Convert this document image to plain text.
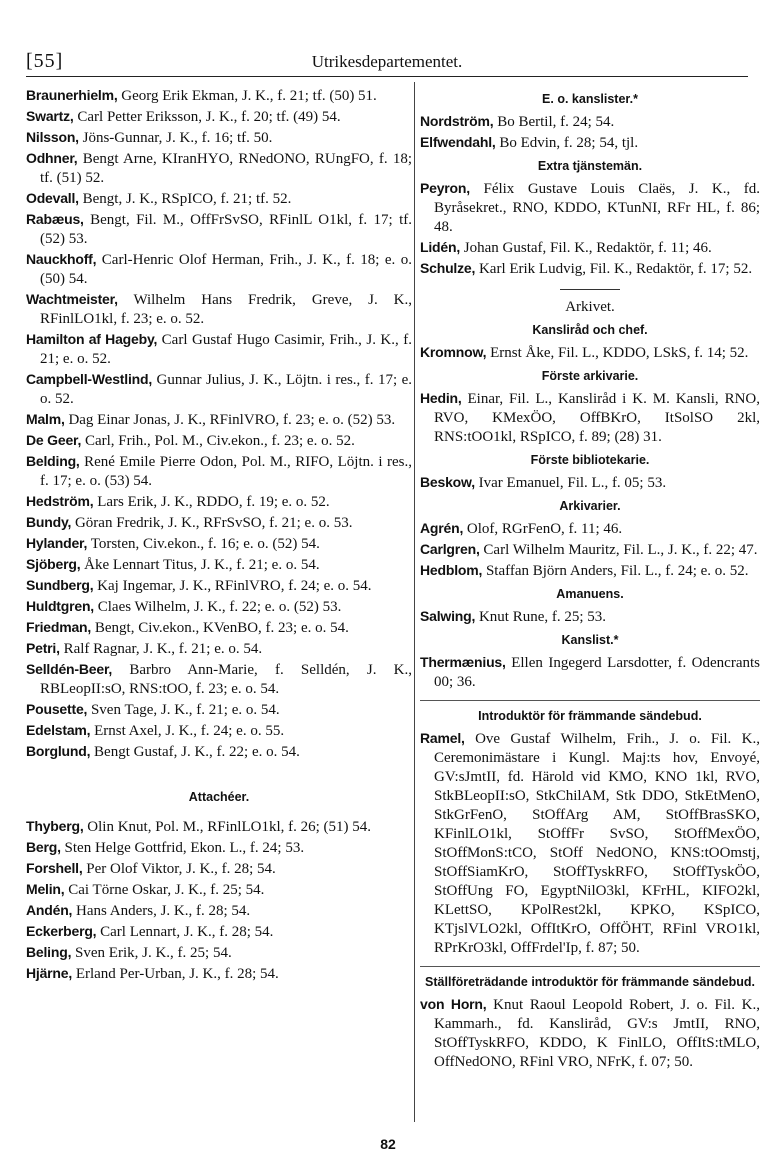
[55]	Utrikesdepartementet.
Braunerhielm, Georg Erik Ekman, J. K., f. 21; tf. (50) 51.
Swartz, Carl Petter Eriksson, J. K., f. 20; tf. (49) 54.
Nilsson, Jöns-Gunnar, J. K., f. 16; tf. 50.
Odhner, Bengt Arne, KIranHYO, RNedONO, RUngFO, f. 18; tf. (51) 52.
Odevall, Bengt, J. K., RSpICO, f. 21; tf. 52.
Rabæus, Bengt, Fil. M., OffFrSvSO, RFinlL O1kl, f. 17; tf. (52) 53.
Nauckhoff, Carl-Henric Olof Herman, Frih., J. K., f. 18; e. o. (50) 54.
Wachtmeister, Wilhelm Hans Fredrik, Greve, J. K., RFinlLO1kl, f. 23; e. o. 52.
Hamilton af Hageby, Carl Gustaf Hugo Casimir, Frih., J. K., f. 21; e. o. 52.
Campbell-Westlind, Gunnar Julius, J. K., Löjtn. i res., f. 17; e. o. 52.
Malm, Dag Einar Jonas, J. K., RFinlVRO, f. 23; e. o. (52) 53.
De Geer, Carl, Frih., Pol. M., Civ.ekon., f. 23; e. o. 52.
Belding, René Emile Pierre Odon, Pol. M., RIFO, Löjtn. i res., f. 17; e. o. (53) 54.
Hedström, Lars Erik, J. K., RDDO, f. 19; e. o. 52.
Bundy, Göran Fredrik, J. K., RFrSvSO, f. 21; e. o. 53.
Hylander, Torsten, Civ.ekon., f. 16; e. o. (52) 54.
Sjöberg, Åke Lennart Titus, J. K., f. 21; e. o. 54.
Sundberg, Kaj Ingemar, J. K., RFinlVRO, f. 24; e. o. 54.
Huldtgren, Claes Wilhelm, J. K., f. 22; e. o. (52) 53.
Friedman, Bengt, Civ.ekon., KVenBO, f. 23; e. o. 54.
Petri, Ralf Ragnar, J. K., f. 21; e. o. 54.
Selldén-Beer, Barbro Ann-Marie, f. Selldén, J. K., RBLeopII:sO, RNS:tOO, f. 23; e. o. 54.
Pousette, Sven Tage, J. K., f. 21; e. o. 54.
Edelstam, Ernst Axel, J. K., f. 24; e. o. 55.
Borglund, Bengt Gustaf, J. K., f. 22; e. o. 54.
Attachéer.
Thyberg, Olin Knut, Pol. M., RFinlLO1kl, f. 26; (51) 54.
Berg, Sten Helge Gottfrid, Ekon. L., f. 24; 53.
Forshell, Per Olof Viktor, J. K., f. 28; 54.
Melin, Cai Törne Oskar, J. K., f. 25; 54.
Andén, Hans Anders, J. K., f. 28; 54.
Eckerberg, Carl Lennart, J. K., f. 28; 54.
Beling, Sven Erik, J. K., f. 25; 54.
Hjärne, Erland Per-Urban, J. K., f. 28; 54.
E. o. kanslister.*
Nordström, Bo Bertil, f. 24; 54.
Elfwendahl, Bo Edvin, f. 28; 54, tjl.
Extra tjänstemän.
Peyron, Félix Gustave Louis Claës, J. K., fd. Byråsekret., RNO, KDDO, KTunNI, RFr HL, f. 86; 48.
Lidén, Johan Gustaf, Fil. K., Redaktör, f. 11; 46.
Schulze, Karl Erik Ludvig, Fil. K., Redaktör, f. 17; 52.
Arkivet.
Kansliråd och chef.
Kromnow, Ernst Åke, Fil. L., KDDO, LSkS, f. 14; 52.
Förste arkivarie.
Hedin, Einar, Fil. L., Kansliråd i K. M. Kansli, RNO, RVO, KMexÖO, OffBKrO, ItSolSO 2kl, RNS:tOO1kl, RSpICO, f. 89; (28) 31.
Förste bibliotekarie.
Beskow, Ivar Emanuel, Fil. L., f. 05; 53.
Arkivarier.
Agrén, Olof, RGrFenO, f. 11; 46.
Carlgren, Carl Wilhelm Mauritz, Fil. L., J. K., f. 22; 47.
Hedblom, Staffan Björn Anders, Fil. L., f. 24; e. o. 52.
Amanuens.
Salwing, Knut Rune, f. 25; 53.
Kanslist.*
Thermænius, Ellen Ingegerd Larsdotter, f. Odencrants 00; 36.
Introduktör för främmande sändebud.
Ramel, Ove Gustaf Wilhelm, Frih., J. o. Fil. K., Ceremonimästare i Kungl. Maj:ts hov, Envoyé, GV:sJmtII, fd. Härold vid KMO, KNO 1kl, RVO, StkBLeopII:sO, StkChilAM, Stk DDO, StkEtMenO, StkGrFenO, StOffArg AM, StOffBrasSKO, KFinlLO1kl, StOffFr SvSO, StOffMexÖO, StOffMonS:tCO, StOff NedONO, KNS:tOOmstj, StOffSiamKrO, StOffTyskRFO, StOffTyskÖO, StOffUng FO, EgyptNilO3kl, KFrHL, KIFO2kl, KLettSO, KPolRest2kl, KPKO, KSpICO, KTjslVLO2kl, OffItKrO, OffÖHT, RFinl VRO1kl, RPrKrO3kl, OffFrdel'Ip, f. 87; 50.
Ställföreträdande introduktör för främmande sändebud.
von Horn, Knut Raoul Leopold Robert, J. o. Fil. K., Kammarh., fd. Kansliråd, GV:s JmtII, RNO, StOffTyskRFO, KDDO, K FinlLO, OffItS:tMLO, OffNedONO, RFinl VRO, NFrK, f. 07; 50.
82
